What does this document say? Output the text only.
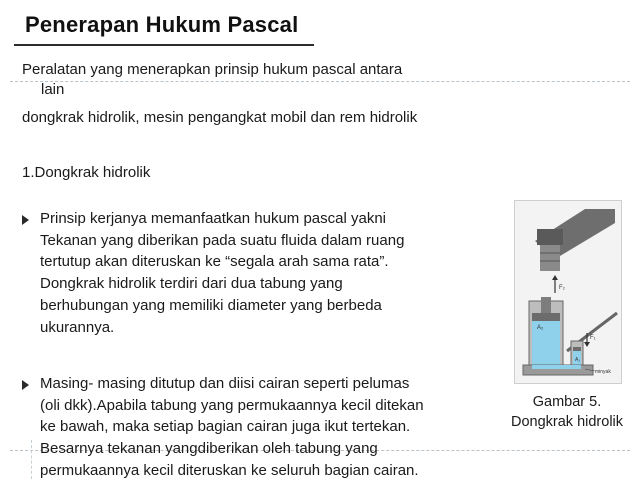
Penerapan Hukum Pascal
Peralatan yang menerapkan prinsip hukum pascal antara
lain
dongkrak hidrolik, mesin pengangkat mobil dan rem hidrolik
1.Dongkrak hidrolik
Prinsip kerjanya memanfaatkan hukum pascal yakni
Tekanan yang diberikan pada suatu fluida dalam ruang
tertutup akan diteruskan ke “segala arah sama rata”.
Dongkrak hidrolik terdiri dari dua tabung yang
berhubungan yang memiliki diameter yang berbeda
ukurannya.
Masing- masing ditutup dan diisi cairan seperti pelumas
(oli dkk).Apabila tabung yang permukaannya kecil ditekan
ke bawah, maka setiap bagian cairan juga ikut tertekan.
Besarnya tekanan yangdiberikan oleh tabung yang
permukaannya kecil diteruskan ke seluruh bagian cairan.
F₂
A₂
A₁
F₁
minyak
Gambar 5.
Dongkrak hidrolik
